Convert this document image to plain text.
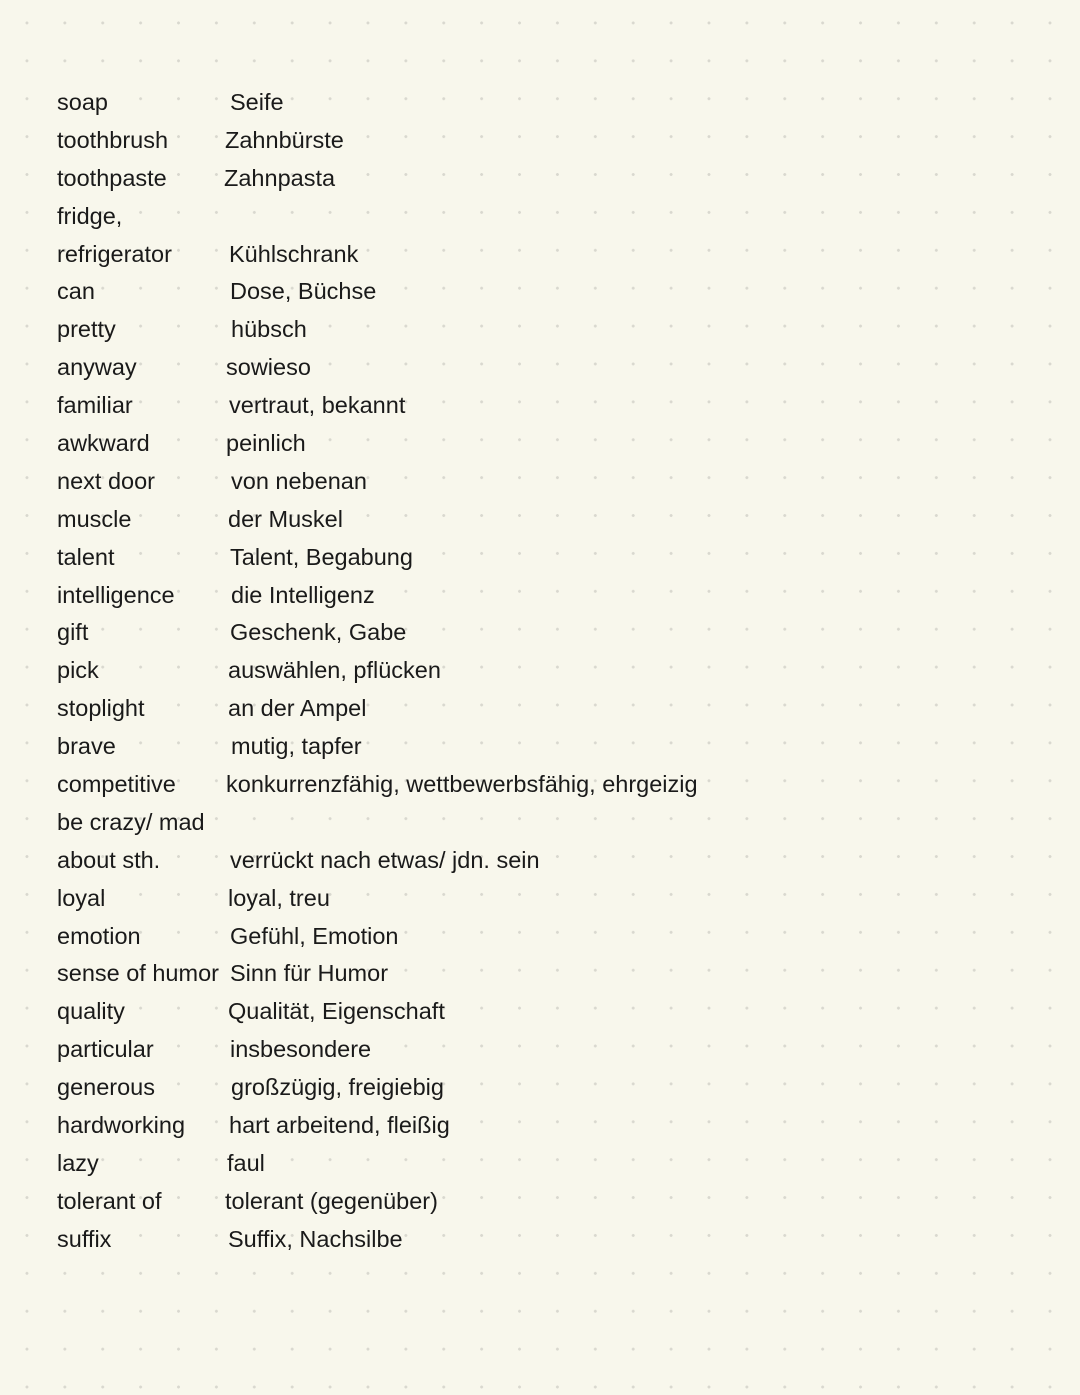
soap	Seife
toothbrush Zahnbürste
toothpaste Zahnpasta
fridge,
refrigerator Kühlschrank
can	Dose, Büchse
pretty	hübsch
anyway	sowieso
familiar	vertraut, bekannt
awkward	peinlich
next door	von nebenan
muscle	der Muskel
talent	Talent, Begabung
intelligence die Intelligenz
gift	Geschenk, Gabe
pick	auswählen, pflücken
stoplight	an der Ampel
brave	mutig, tapfer
competitive konkurrenzfähig, wettbewerbsfähig, ehrgeizig
be crazy/ mad
about sth.	verrückt nach etwas/ jdn. sein
loyal	loyal, treu
emotion	Gefühl, Emotion
sense of humor Sinn für Humor
quality	Qualität, Eigenschaft
particular	insbesondere
generous	großzügig, freigiebig
hardworking hart arbeitend, fleißig
lazy	faul
tolerant of	tolerant (gegenüber)
suffix	Suffix, Nachsilbe
